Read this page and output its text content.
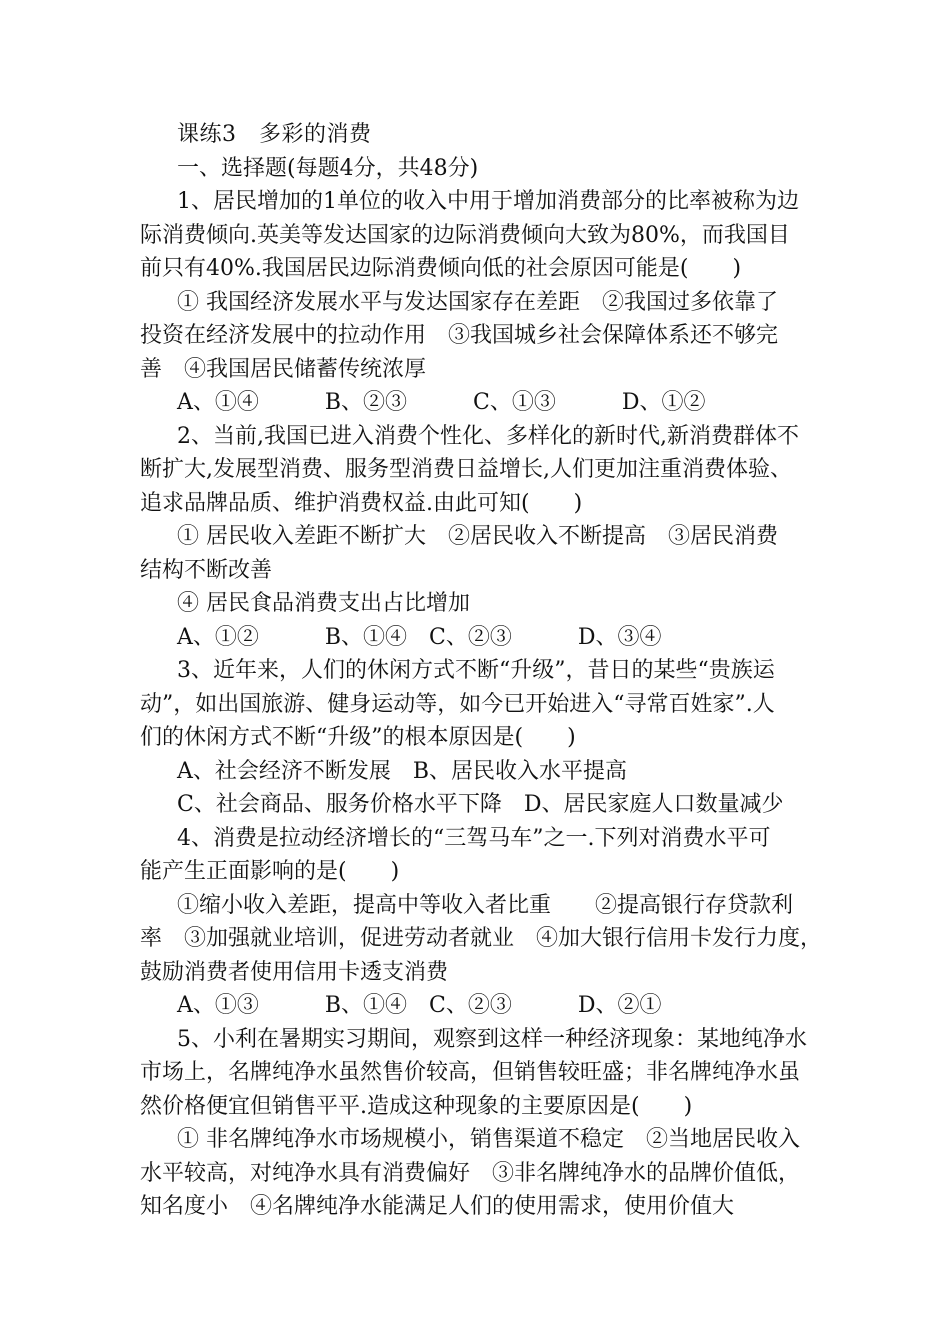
课练3　多彩的消费
一、选择题(每题4分，共48分)
1、居民增加的1单位的收入中用于增加消费部分的比率被称为边
际消费倾向.英美等发达国家的边际消费倾向大致为80%，而我国目
前只有40%.我国居民边际消费倾向低的社会原因可能是(　　)
① 我国经济发展水平与发达国家存在差距　②我国过多依靠了
投资在经济发展中的拉动作用　③我国城乡社会保障体系还不够完
善　④我国居民储蓄传统浓厚
A、①④　　　B、②③　　　C、①③　　　D、①②
2、当前,我国已进入消费个性化、多样化的新时代,新消费群体不
断扩大,发展型消费、服务型消费日益增长,人们更加注重消费体验、
追求品牌品质、维护消费权益.由此可知(　　)
① 居民收入差距不断扩大　②居民收入不断提高　③居民消费
结构不断改善
④ 居民食品消费支出占比增加
A、①②　　　B、①④　C、②③　　　D、③④
3、近年来，人们的休闲方式不断“升级”，昔日的某些“贵族运
动”，如出国旅游、健身运动等，如今已开始进入“寻常百姓家”.人
们的休闲方式不断“升级”的根本原因是(　　)
A、社会经济不断发展　B、居民收入水平提高
C、社会商品、服务价格水平下降　D、居民家庭人口数量减少
4、消费是拉动经济增长的“三驾马车”之一.下列对消费水平可
能产生正面影响的是(　　)
①缩小收入差距，提高中等收入者比重　　②提高银行存贷款利
率　③加强就业培训，促进劳动者就业　④加大银行信用卡发行力度，
鼓励消费者使用信用卡透支消费
A、①③　　　B、①④　C、②③　　　D、②①
5、小利在暑期实习期间，观察到这样一种经济现象：某地纯净水
市场上，名牌纯净水虽然售价较高，但销售较旺盛；非名牌纯净水虽
然价格便宜但销售平平.造成这种现象的主要原因是(　　)
① 非名牌纯净水市场规模小，销售渠道不稳定　②当地居民收入
水平较高，对纯净水具有消费偏好　③非名牌纯净水的品牌价值低，
知名度小　④名牌纯净水能满足人们的使用需求，使用价值大
